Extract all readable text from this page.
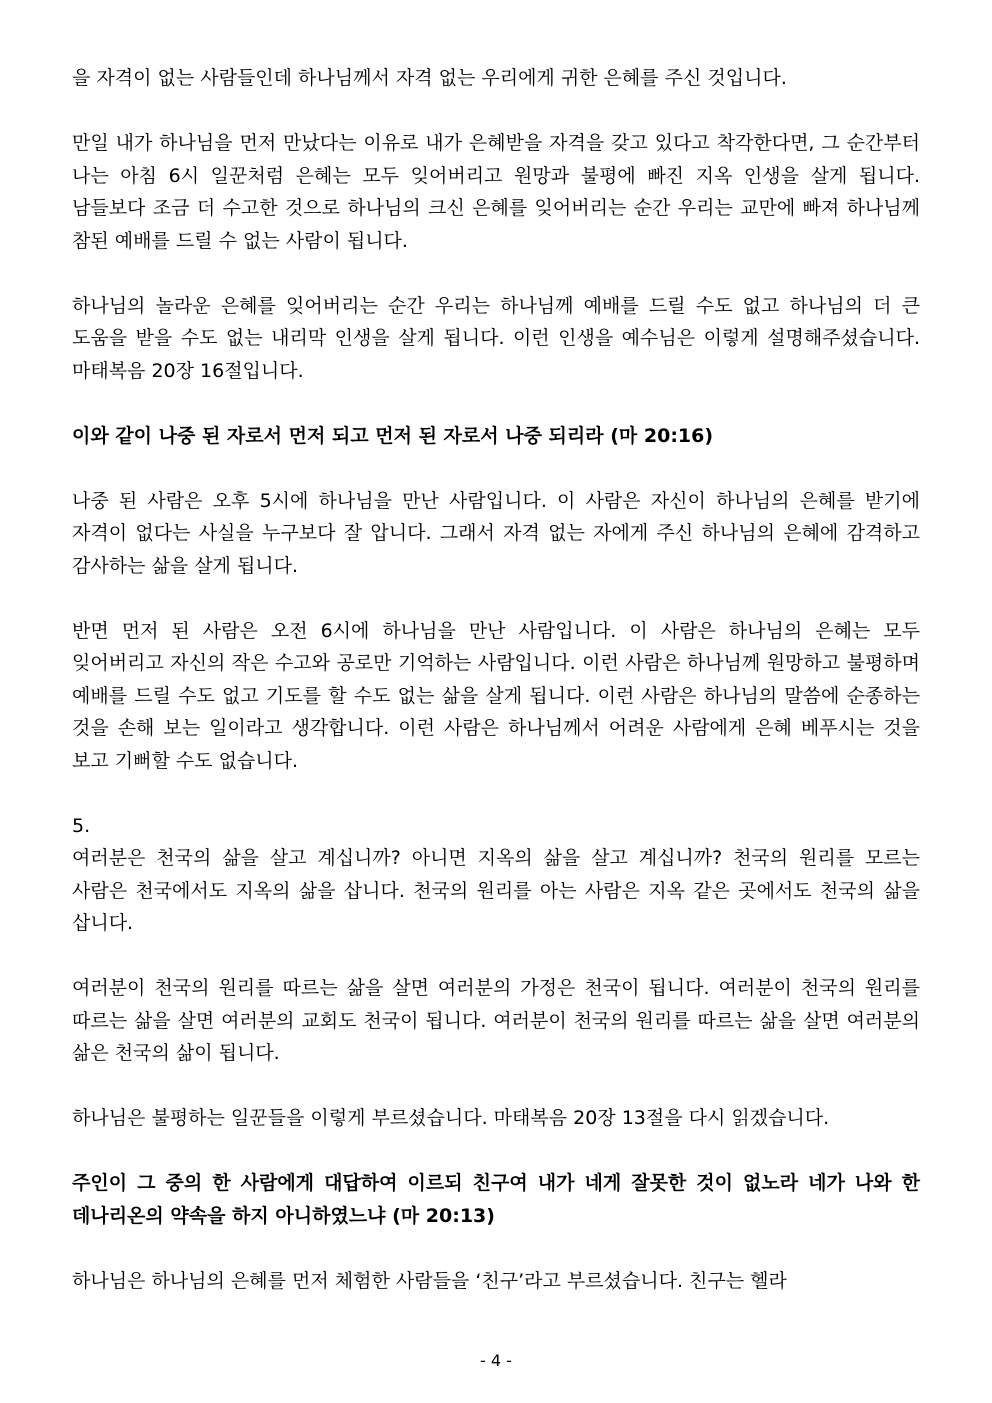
을 자격이 없는 사람들인데 하나님께서 자격 없는 우리에게 귀한 은혜를 주신 것입니다.

만일 내가 하나님을 먼저 만났다는 이유로 내가 은혜받을 자격을 갖고 있다고 착각한다면, 그 순간부터 나는 아침 6시 일꾼처럼 은혜는 모두 잊어버리고 원망과 불평에 빠진 지옥 인생을 살게 됩니다. 남들보다 조금 더 수고한 것으로 하나님의 크신 은혜를 잊어버리는 순간 우리는 교만에 빠져 하나님께 참된 예배를 드릴 수 없는 사람이 됩니다.

하나님의 놀라운 은혜를 잊어버리는 순간 우리는 하나님께 예배를 드릴 수도 없고 하나님의 더 큰 도움을 받을 수도 없는 내리막 인생을 살게 됩니다. 이런 인생을 예수님은 이렇게 설명해주셨습니다. 마태복음 20장 16절입니다.

이와 같이 나중 된 자로서 먼저 되고 먼저 된 자로서 나중 되리라 (마 20:16)

나중 된 사람은 오후 5시에 하나님을 만난 사람입니다. 이 사람은 자신이 하나님의 은혜를 받기에 자격이 없다는 사실을 누구보다 잘 압니다. 그래서 자격 없는 자에게 주신 하나님의 은혜에 감격하고 감사하는 삶을 살게 됩니다.

반면 먼저 된 사람은 오전 6시에 하나님을 만난 사람입니다. 이 사람은 하나님의 은혜는 모두 잊어버리고 자신의 작은 수고와 공로만 기억하는 사람입니다. 이런 사람은 하나님께 원망하고 불평하며 예배를 드릴 수도 없고 기도를 할 수도 없는 삶을 살게 됩니다. 이런 사람은 하나님의 말씀에 순종하는 것을 손해 보는 일이라고 생각합니다. 이런 사람은 하나님께서 어려운 사람에게 은혜 베푸시는 것을 보고 기뻐할 수도 없습니다.

5.
여러분은 천국의 삶을 살고 계십니까? 아니면 지옥의 삶을 살고 계십니까? 천국의 원리를 모르는 사람은 천국에서도 지옥의 삶을 삽니다. 천국의 원리를 아는 사람은 지옥 같은 곳에서도 천국의 삶을 삽니다.

여러분이 천국의 원리를 따르는 삶을 살면 여러분의 가정은 천국이 됩니다. 여러분이 천국의 원리를 따르는 삶을 살면 여러분의 교회도 천국이 됩니다. 여러분이 천국의 원리를 따르는 삶을 살면 여러분의 삶은 천국의 삶이 됩니다.

하나님은 불평하는 일꾼들을 이렇게 부르셨습니다. 마태복음 20장 13절을 다시 읽겠습니다.

주인이 그 중의 한 사람에게 대답하여 이르되 친구여 내가 네게 잘못한 것이 없노라 네가 나와 한 데나리온의 약속을 하지 아니하였느냐 (마 20:13)

하나님은 하나님의 은혜를 먼저 체험한 사람들을 ‘친구’라고 부르셨습니다. 친구는 헬라

- 4 -
